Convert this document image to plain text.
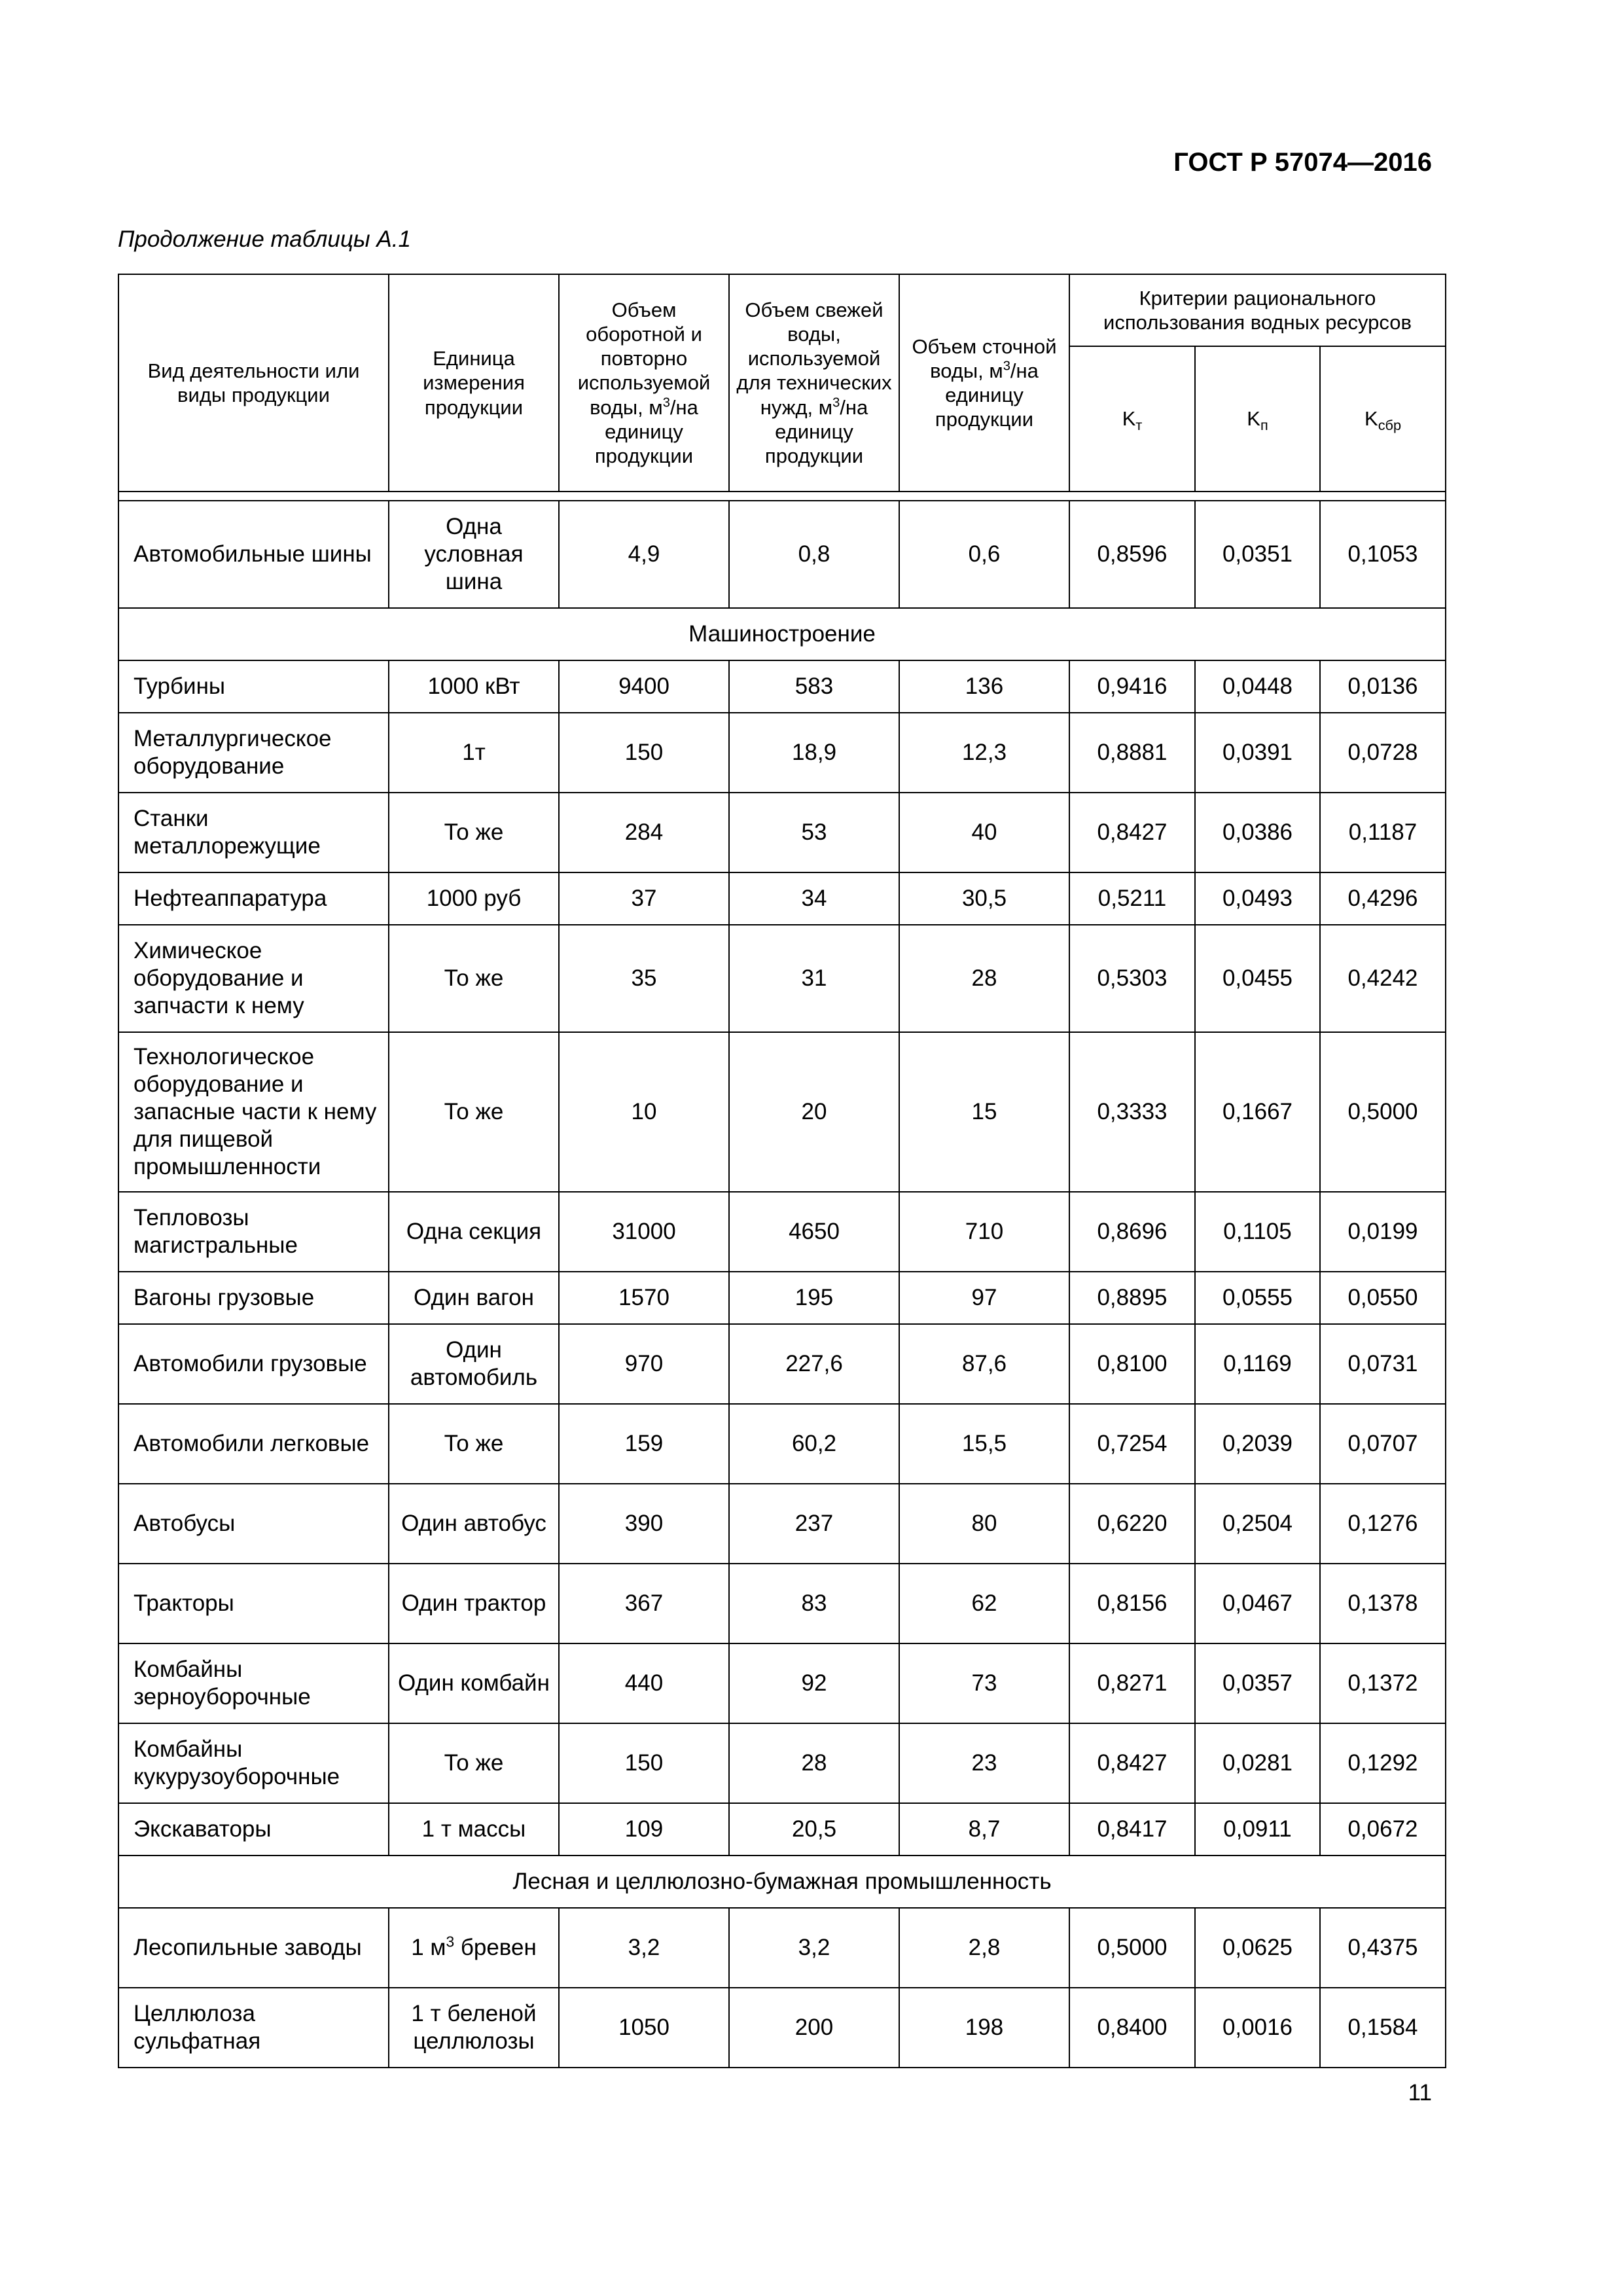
ГОСТ Р 57074—2016
Продолжение таблицы А.1
Вид деятельности или виды продукции	Единица измерения продукции	Объем оборотной и повторно используемой воды, $м^3/на$ единицу продукции	Объем свежей воды, используемой для технических нужд, $м^3/на$ единицу продукции	Объем сточной воды, $м^3/на$ единицу продукции	Критерии рационального использования водных ресурсов		
					$K_т$	$K_п$	$K_{сбр}$

Автомобильные шины	Одна условная шина	4,9	0,8	0,6	0,8596	0,0351	0,1053
Машиностроение							
Турбины	1000 кВт	9400	583	136	0,9416	0,0448	0,0136
Металлургическое оборудование	1т	150	18,9	12,3	0,8881	0,0391	0,0728
Станки металлорежущие	То же	284	53	40	0,8427	0,0386	0,1187
Нефтеаппаратура	1000 руб	37	34	30,5	0,5211	0,0493	0,4296
Химическое оборудование и запчасти к нему	То же	35	31	28	0,5303	0,0455	0,4242
Технологическое оборудование и запасные части к нему для пищевой промышленности	То же	10	20	15	0,3333	0,1667	0,5000
Тепловозы магистральные	Одна секция	31000	4650	710	0,8696	0,1105	0,0199
Вагоны грузовые	Один вагон	1570	195	97	0,8895	0,0555	0,0550
Автомобили грузовые	Один автомобиль	970	227,6	87,6	0,8100	0,1169	0,0731
Автомобили легковые	То же	159	60,2	15,5	0,7254	0,2039	0,0707
Автобусы	Один автобус	390	237	80	0,6220	0,2504	0,1276
Тракторы	Один трактор	367	83	62	0,8156	0,0467	0,1378
Комбайны зерноуборочные	Один комбайн	440	92	73	0,8271	0,0357	0,1372
Комбайны кукурузоуборочные	То же	150	28	23	0,8427	0,0281	0,1292
Экскаваторы	1 т массы	109	20,5	8,7	0,8417	0,0911	0,0672
Лесная и целлюлозно-бумажная промышленность							
Лесопильные заводы	1 $м^3$ бревен	3,2	3,2	2,8	0,5000	0,0625	0,4375
Целлюлоза сульфатная	1 т беленой целлюлозы	1050	200	198	0,8400	0,0016	0,1584
11
